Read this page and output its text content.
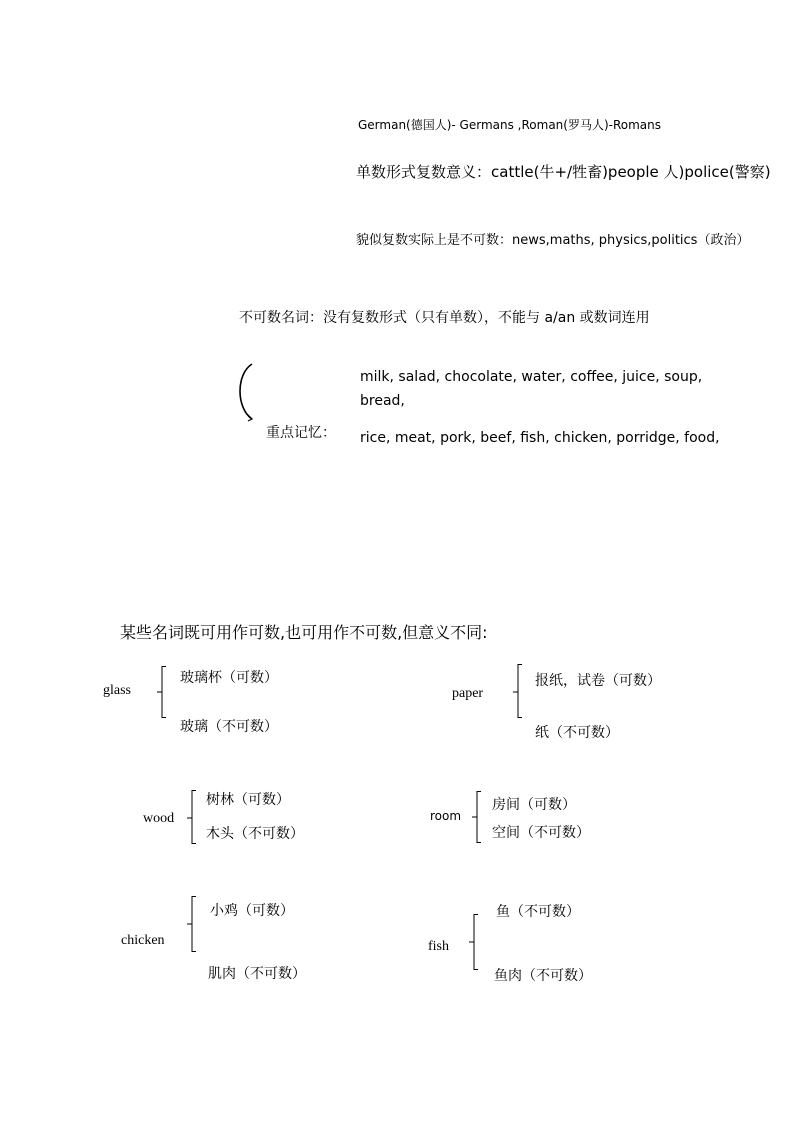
German(德国人)- Germans ,Roman(罗马人)-Romans
单数形式复数意义：cattle(牛+/牲畜)people 人)police(警察)
貌似复数实际上是不可数：news,maths, physics,politics（政治）
不可数名词：没有复数形式（只有单数），不能与 a/an 或数词连用
重点记忆：
milk, salad, chocolate, water, coffee, juice, soup,
bread,
rice, meat, pork, beef, fish, chicken, porridge, food,
某些名词既可用作可数,也可用作不可数,但意义不同:
glass
玻璃杯（可数）
玻璃（不可数）
paper
报纸，试卷（可数）
纸（不可数）
wood
树林（可数）
木头（不可数）
room
房间（可数）
空间（不可数）
chicken
小鸡（可数）
肌肉（不可数）
fish
鱼（不可数）
鱼肉（不可数）
